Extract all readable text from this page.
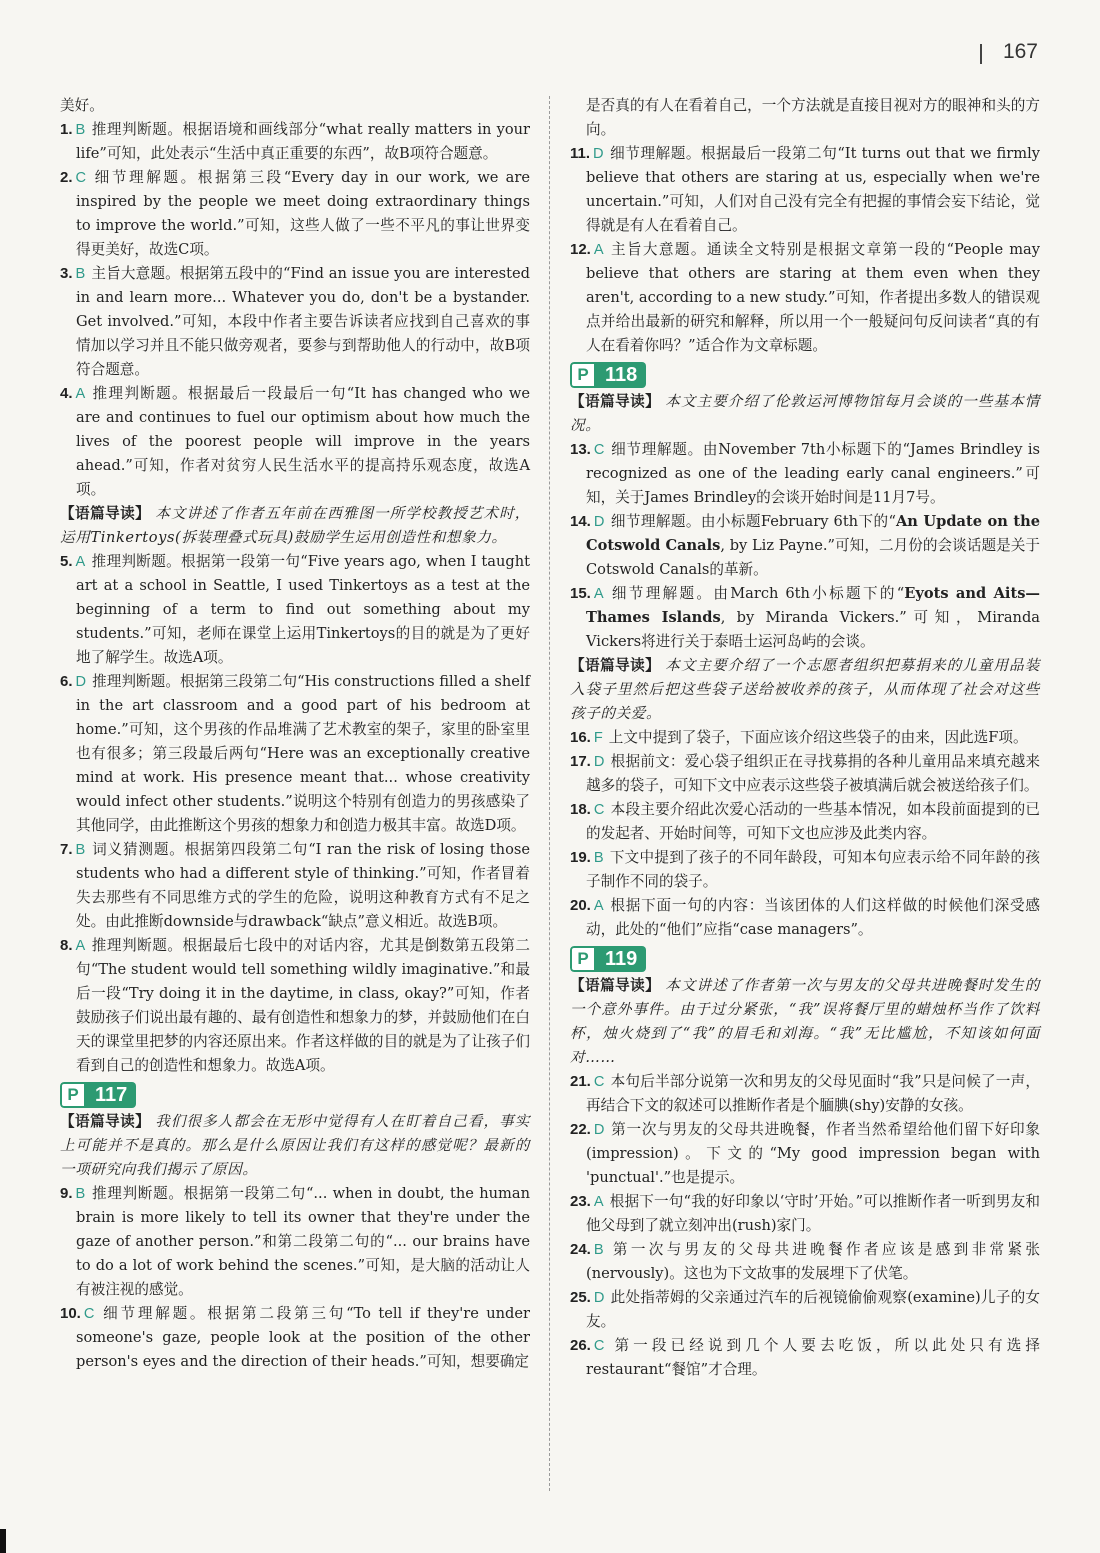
167

美好。

1. B 推理判断题。根据语境和画线部分“what really matters in your life”可知，此处表示“生活中真正重要的东西”，故B项符合题意。

2. C 细节理解题。根据第三段“Every day in our work, we are inspired by the people we meet doing extraordinary things to improve the world.”可知，这些人做了一些不平凡的事让世界变得更美好，故选C项。

3. B 主旨大意题。根据第五段中的“Find an issue you are interested in and learn more... Whatever you do, don't be a bystander. Get involved.”可知，本段中作者主要告诉读者应找到自己喜欢的事情加以学习并且不能只做旁观者，要参与到帮助他人的行动中，故B项符合题意。

4. A 推理判断题。根据最后一段最后一句“It has changed who we are and continues to fuel our optimism about how much the lives of the poorest people will improve in the years ahead.”可知，作者对贫穷人民生活水平的提高持乐观态度，故选A项。

【语篇导读】 本文讲述了作者五年前在西雅图一所学校教授艺术时，运用Tinkertoys(拆装理叠式玩具)鼓励学生运用创造性和想象力。

5. A 推理判断题。根据第一段第一句“Five years ago, when I taught art at a school in Seattle, I used Tinkertoys as a test at the beginning of a term to find out something about my students.”可知，老师在课堂上运用Tinkertoys的目的就是为了更好地了解学生。故选A项。

6. D 推理判断题。根据第三段第二句“His constructions filled a shelf in the art classroom and a good part of his bedroom at home.”可知，这个男孩的作品堆满了艺术教室的架子，家里的卧室里也有很多；第三段最后两句“Here was an exceptionally creative mind at work. His presence meant that... whose creativity would infect other students.”说明这个特别有创造力的男孩感染了其他同学，由此推断这个男孩的想象力和创造力极其丰富。故选D项。

7. B 词义猜测题。根据第四段第二句“I ran the risk of losing those students who had a different style of thinking.”可知，作者冒着失去那些有不同思维方式的学生的危险，说明这种教育方式有不足之处。由此推断downside与drawback“缺点”意义相近。故选B项。

8. A 推理判断题。根据最后七段中的对话内容，尤其是倒数第五段第二句“The student would tell something wildly imaginative.”和最后一段“Try doing it in the daytime, in class, okay?”可知，作者鼓励孩子们说出最有趣的、最有创造性和想象力的梦，并鼓励他们在白天的课堂里把梦的内容还原出来。作者这样做的目的就是为了让孩子们看到自己的创造性和想象力。故选A项。

P 117

【语篇导读】 我们很多人都会在无形中觉得有人在盯着自己看，事实上可能并不是真的。那么是什么原因让我们有这样的感觉呢？最新的一项研究向我们揭示了原因。

9. B 推理判断题。根据第一段第二句“... when in doubt, the human brain is more likely to tell its owner that they're under the gaze of another person.”和第二段第二句的“... our brains have to do a lot of work behind the scenes.”可知，是大脑的活动让人有被注视的感觉。

10. C 细节理解题。根据第二段第三句“To tell if they're under someone's gaze, people look at the position of the other person's eyes and the direction of their heads.”可知，想要确定

是否真的有人在看着自己，一个方法就是直接目视对方的眼神和头的方向。

11. D 细节理解题。根据最后一段第二句“It turns out that we firmly believe that others are staring at us, especially when we're uncertain.”可知，人们对自己没有完全有把握的事情会妄下结论，觉得就是有人在看着自己。

12. A 主旨大意题。通读全文特别是根据文章第一段的“People may believe that others are staring at them even when they aren't, according to a new study.”可知，作者提出多数人的错误观点并给出最新的研究和解释，所以用一个一般疑问句反问读者“真的有人在看着你吗？”适合作为文章标题。

P 118

【语篇导读】 本文主要介绍了伦敦运河博物馆每月会谈的一些基本情况。

13. C 细节理解题。由November 7th小标题下的“James Brindley is recognized as one of the leading early canal engineers.”可知，关于James Brindley的会谈开始时间是11月7号。

14. D 细节理解题。由小标题February 6th下的“An Update on the Cotswold Canals, by Liz Payne.”可知，二月份的会谈话题是关于Cotswold Canals的革新。

15. A 细节理解题。由March 6th小标题下的“Eyots and Aits—Thames Islands, by Miranda Vickers.”可知，Miranda Vickers将进行关于泰晤士运河岛屿的会谈。

【语篇导读】 本文主要介绍了一个志愿者组织把募捐来的儿童用品装入袋子里然后把这些袋子送给被收养的孩子，从而体现了社会对这些孩子的关爱。

16. F 上文中提到了袋子，下面应该介绍这些袋子的由来，因此选F项。

17. D 根据前文：爱心袋子组织正在寻找募捐的各种儿童用品来填充越来越多的袋子，可知下文中应表示这些袋子被填满后就会被送给孩子们。

18. C 本段主要介绍此次爱心活动的一些基本情况，如本段前面提到的已的发起者、开始时间等，可知下文也应涉及此类内容。

19. B 下文中提到了孩子的不同年龄段，可知本句应表示给不同年龄的孩子制作不同的袋子。

20. A 根据下面一句的内容：当该团体的人们这样做的时候他们深受感动，此处的“他们”应指“case managers”。

P 119

【语篇导读】 本文讲述了作者第一次与男友的父母共进晚餐时发生的一个意外事件。由于过分紧张，“我”误将餐厅里的蜡烛杯当作了饮料杯，烛火烧到了“我”的眉毛和刘海。“我”无比尴尬，不知该如何面对……

21. C 本句后半部分说第一次和男友的父母见面时“我”只是问候了一声，再结合下文的叙述可以推断作者是个腼腆(shy)安静的女孩。

22. D 第一次与男友的父母共进晚餐，作者当然希望给他们留下好印象(impression)。下文的“My good impression began with 'punctual'.”也是提示。

23. A 根据下一句“我的好印象以‘守时’开始。”可以推断作者一听到男友和他父母到了就立刻冲出(rush)家门。

24. B 第一次与男友的父母共进晚餐作者应该是感到非常紧张(nervously)。这也为下文故事的发展埋下了伏笔。

25. D 此处指蒂姆的父亲通过汽车的后视镜偷偷观察(examine)儿子的女友。

26. C 第一段已经说到几个人要去吃饭，所以此处只有选择restaurant“餐馆”才合理。
